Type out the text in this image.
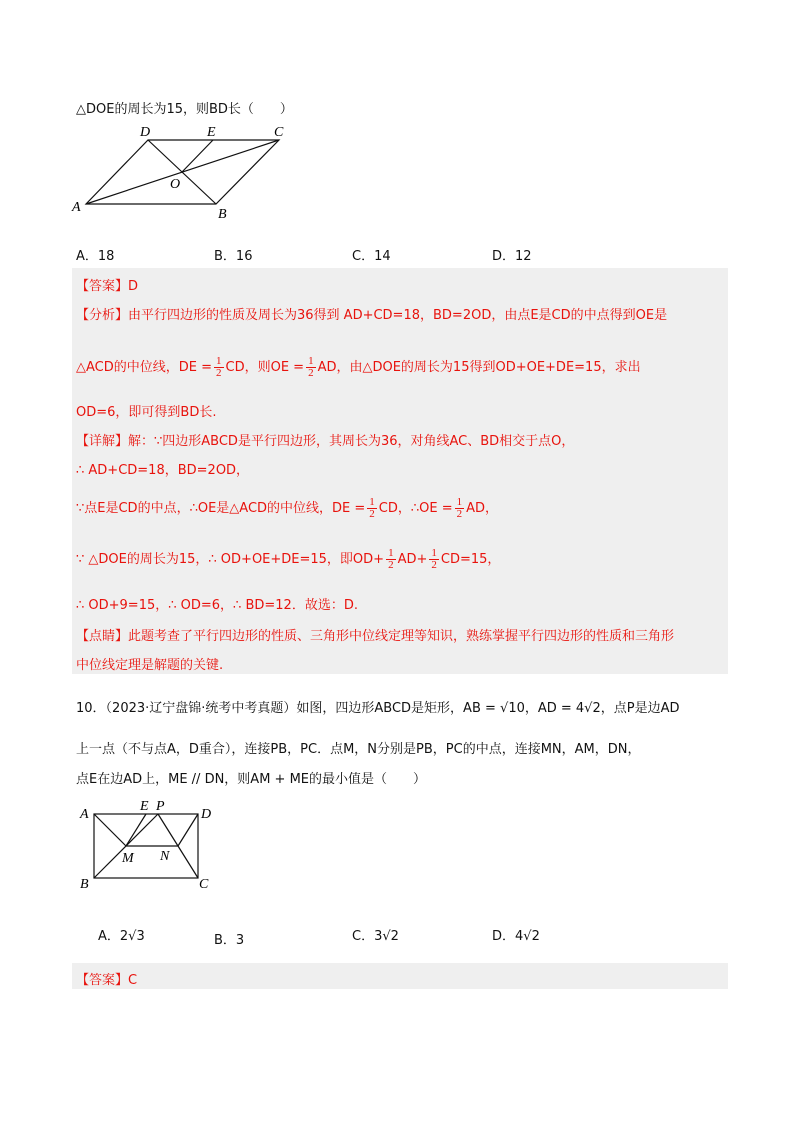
△DOE的周长为15，则BD长（　　）
D	E	C
O
A	B
A．18	B．16	C．14	D．12
【答案】D
【分析】由平行四边形的性质及周长为36得到 AD+CD=18，BD=2OD，由点E是CD的中点得到OE是
△ACD的中位线，DE = $\frac{1}{2}$ CD，则OE = $\frac{1}{2}$ AD，由△DOE的周长为15得到OD+OE+DE=15，求出
OD=6，即可得到BD长.
【详解】解：∵四边形ABCD是平行四边形，其周长为36，对角线AC、BD相交于点O，
∴ AD+CD=18，BD=2OD，
∵点E是CD的中点，∴OE是△ACD的中位线，DE = $\frac{1}{2}$ CD，∴OE = $\frac{1}{2}$ AD，
∵ △DOE的周长为15，∴ OD+OE+DE=15，即$OD+ \frac{1}{2} AD+ \frac{1}{2} CD=15$，
∴ OD+9=15，∴ OD=6，∴ BD=12．故选：D.
【点睛】此题考查了平行四边形的性质、三角形中位线定理等知识，熟练掌握平行四边形的性质和三角形
中位线定理是解题的关键.
10．（2023·辽宁盘锦·统考中考真题）如图，四边形ABCD是矩形，AB = √10，AD = 4√2，点P是边AD
上一点（不与点A，D重合），连接PB，PC．点M，N分别是PB，PC的中点，连接MN，AM，DN，
点E在边AD上，ME // DN，则AM + ME的最小值是（　　）
A
E P
D
M N
B	C
A．2√3	B．3	C．3√2	D．4√2
【答案】C
